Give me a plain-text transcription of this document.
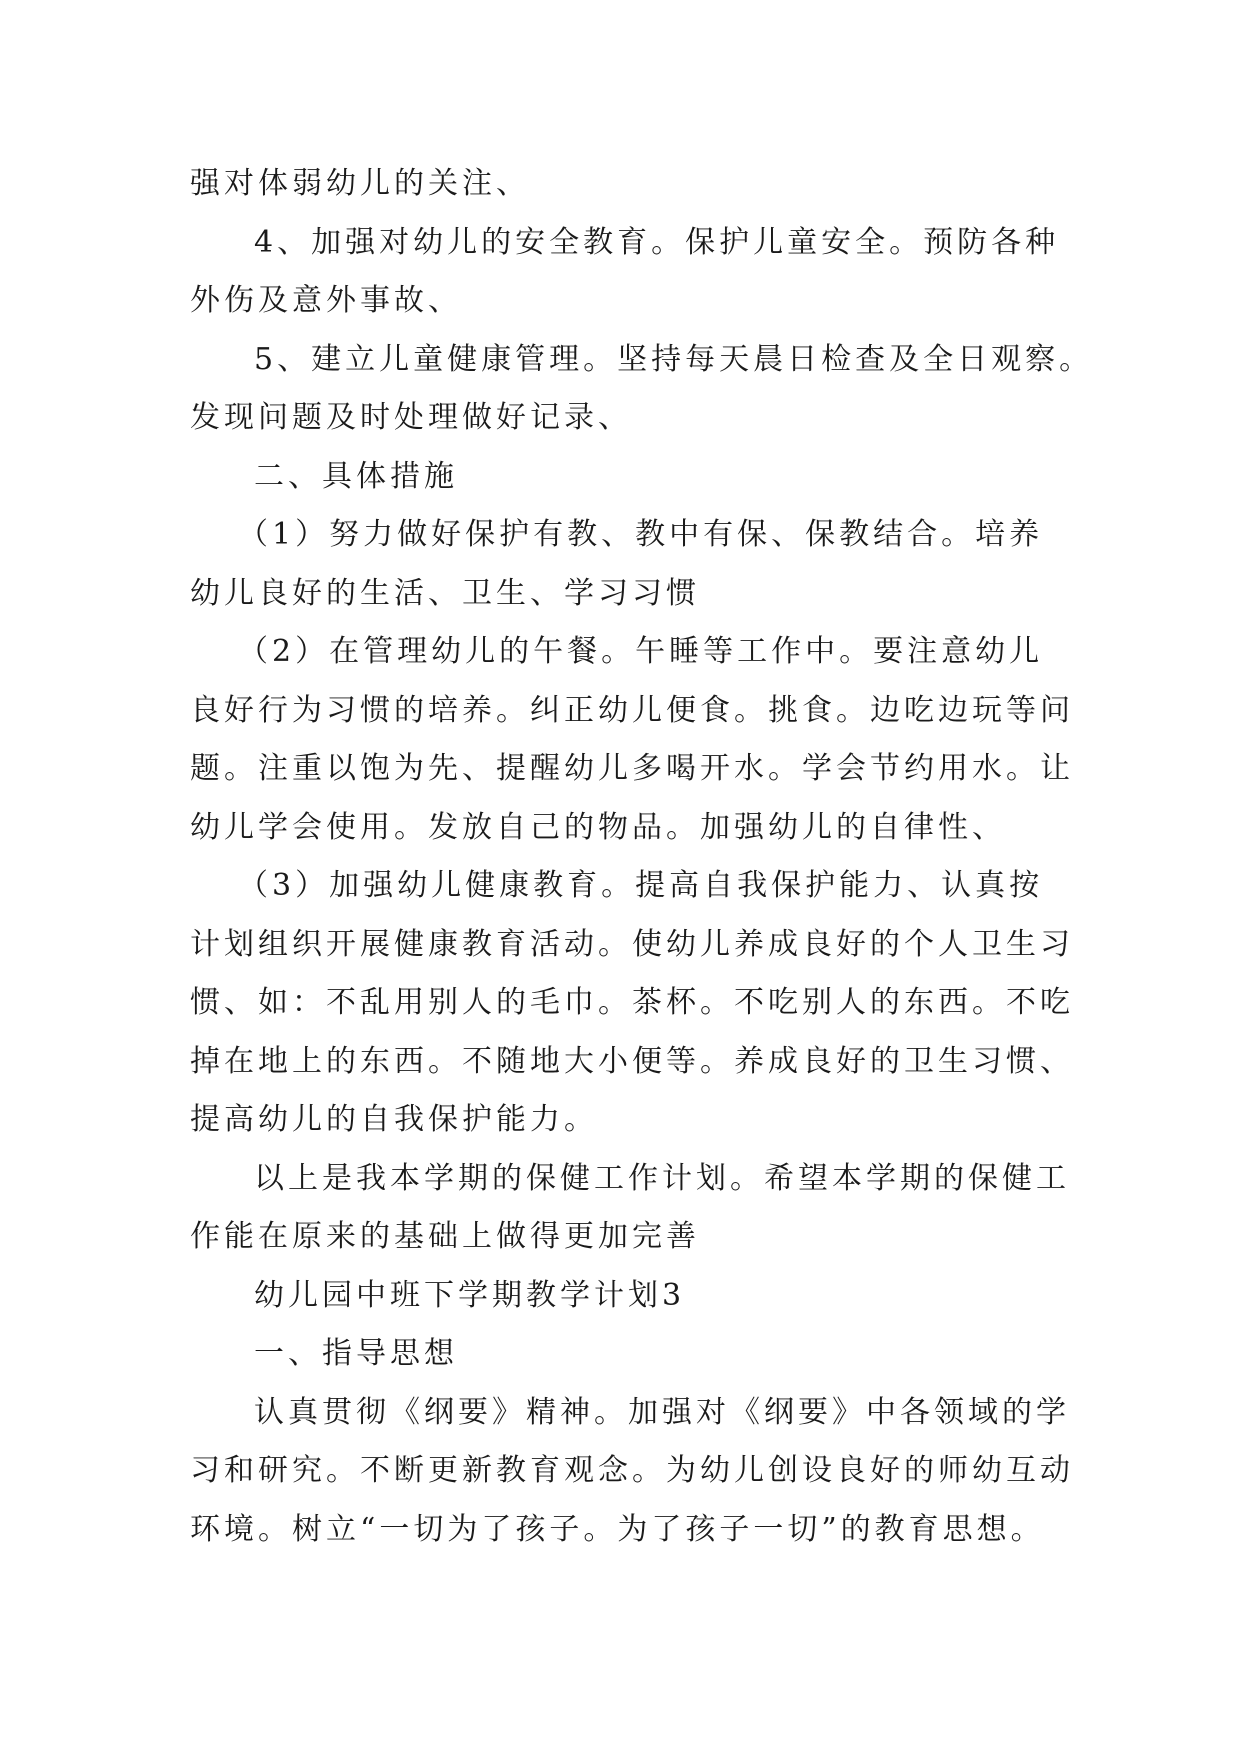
强对体弱幼儿的关注、
4、加强对幼儿的安全教育。保护儿童安全。预防各种
外伤及意外事故、
5、建立儿童健康管理。坚持每天晨日检查及全日观察。
发现问题及时处理做好记录、
二、具体措施
（1）努力做好保护有教、教中有保、保教结合。培养
幼儿良好的生活、卫生、学习习惯
（2）在管理幼儿的午餐。午睡等工作中。要注意幼儿
良好行为习惯的培养。纠正幼儿便食。挑食。边吃边玩等问
题。注重以饱为先、提醒幼儿多喝开水。学会节约用水。让
幼儿学会使用。发放自己的物品。加强幼儿的自律性、
（3）加强幼儿健康教育。提高自我保护能力、认真按
计划组织开展健康教育活动。使幼儿养成良好的个人卫生习
惯、如：不乱用别人的毛巾。茶杯。不吃别人的东西。不吃
掉在地上的东西。不随地大小便等。养成良好的卫生习惯、
提高幼儿的自我保护能力。
以上是我本学期的保健工作计划。希望本学期的保健工
作能在原来的基础上做得更加完善
幼儿园中班下学期教学计划3
一、指导思想
认真贯彻《纲要》精神。加强对《纲要》中各领域的学
习和研究。不断更新教育观念。为幼儿创设良好的师幼互动
环境。树立“一切为了孩子。为了孩子一切”的教育思想。
